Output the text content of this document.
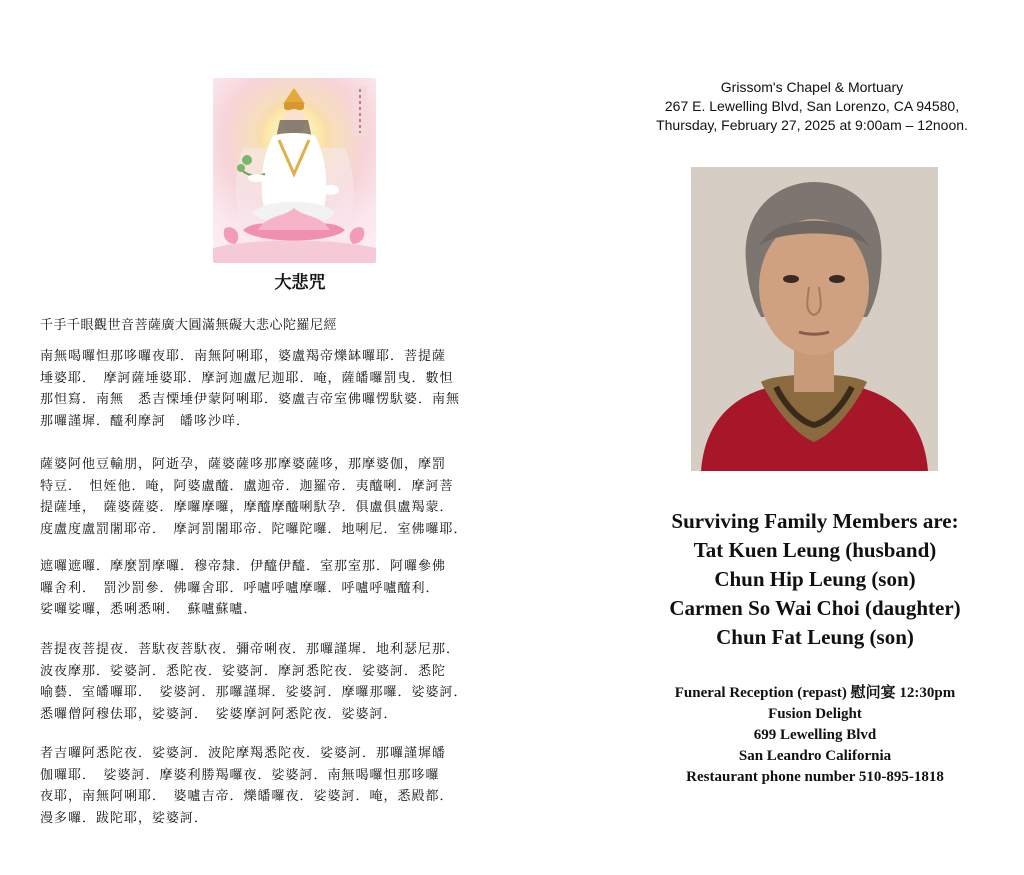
大悲咒
千手千眼觀世音菩薩廣大圓滿無礙大悲心陀羅尼經
南無喝囉怛那哆囉夜耶．南無阿唎耶，婆盧羯帝爍缽囉耶．菩提薩
埵婆耶．　摩訶薩埵婆耶．摩訶迦盧尼迦耶．唵，薩皤囉罰曳．數怛
那怛寫．南無　悉吉慄埵伊蒙阿唎耶．婆盧吉帝室佛囉愣馱婆．南無
那囉謹墀．醯利摩訶　皤哆沙咩．
薩婆阿他豆輸朋，阿逝孕，薩婆薩哆那摩婆薩哆，那摩婆伽，摩罰
特豆．　怛姪他．唵，阿婆盧醯．盧迦帝．迦羅帝．夷醯唎．摩訶菩
提薩埵，　薩婆薩婆．摩囉摩囉，摩醯摩醯唎馱孕．俱盧俱盧羯蒙．
度盧度盧罰闍耶帝．　摩訶罰闍耶帝．陀囉陀囉．地唎尼．室佛囉耶．
遮囉遮囉．摩麼罰摩囉．穆帝隸．伊醯伊醯．室那室那．阿囉參佛
囉舍利．　罰沙罰參．佛囉舍耶．呼嚧呼嚧摩囉．呼嚧呼嚧醯利．
娑囉娑囉，悉唎悉唎．　蘇嚧蘇嚧．
菩提夜菩提夜．菩馱夜菩馱夜．彌帝唎夜．那囉謹墀．地利瑟尼那．
波夜摩那．娑婆訶．悉陀夜．娑婆訶．摩訶悉陀夜．娑婆訶．悉陀
喻藝．室皤囉耶．　娑婆訶．那囉謹墀．娑婆訶．摩囉那囉．娑婆訶．
悉囉僧阿穆佉耶，娑婆訶．　娑婆摩訶阿悉陀夜．娑婆訶．
者吉囉阿悉陀夜．娑婆訶．波陀摩羯悉陀夜．娑婆訶．那囉謹墀皤
伽囉耶．　娑婆訶．摩婆利勝羯囉夜．娑婆訶．南無喝囉怛那哆囉
夜耶，南無阿唎耶．　婆嚧吉帝．爍皤囉夜．娑婆訶．唵，悉殿都．
漫多囉．跋陀耶，娑婆訶．
Grissom's Chapel & Mortuary
267 E. Lewelling Blvd, San Lorenzo, CA 94580,
Thursday, February 27, 2025 at 9:00am – 12noon.
Surviving Family Members are:
Tat Kuen Leung (husband)
Chun Hip Leung (son)
Carmen So Wai Choi (daughter)
Chun Fat Leung (son)
Funeral Reception (repast) 慰问宴 12:30pm
Fusion Delight
699 Lewelling Blvd
San Leandro California
Restaurant phone number 510-895-1818
